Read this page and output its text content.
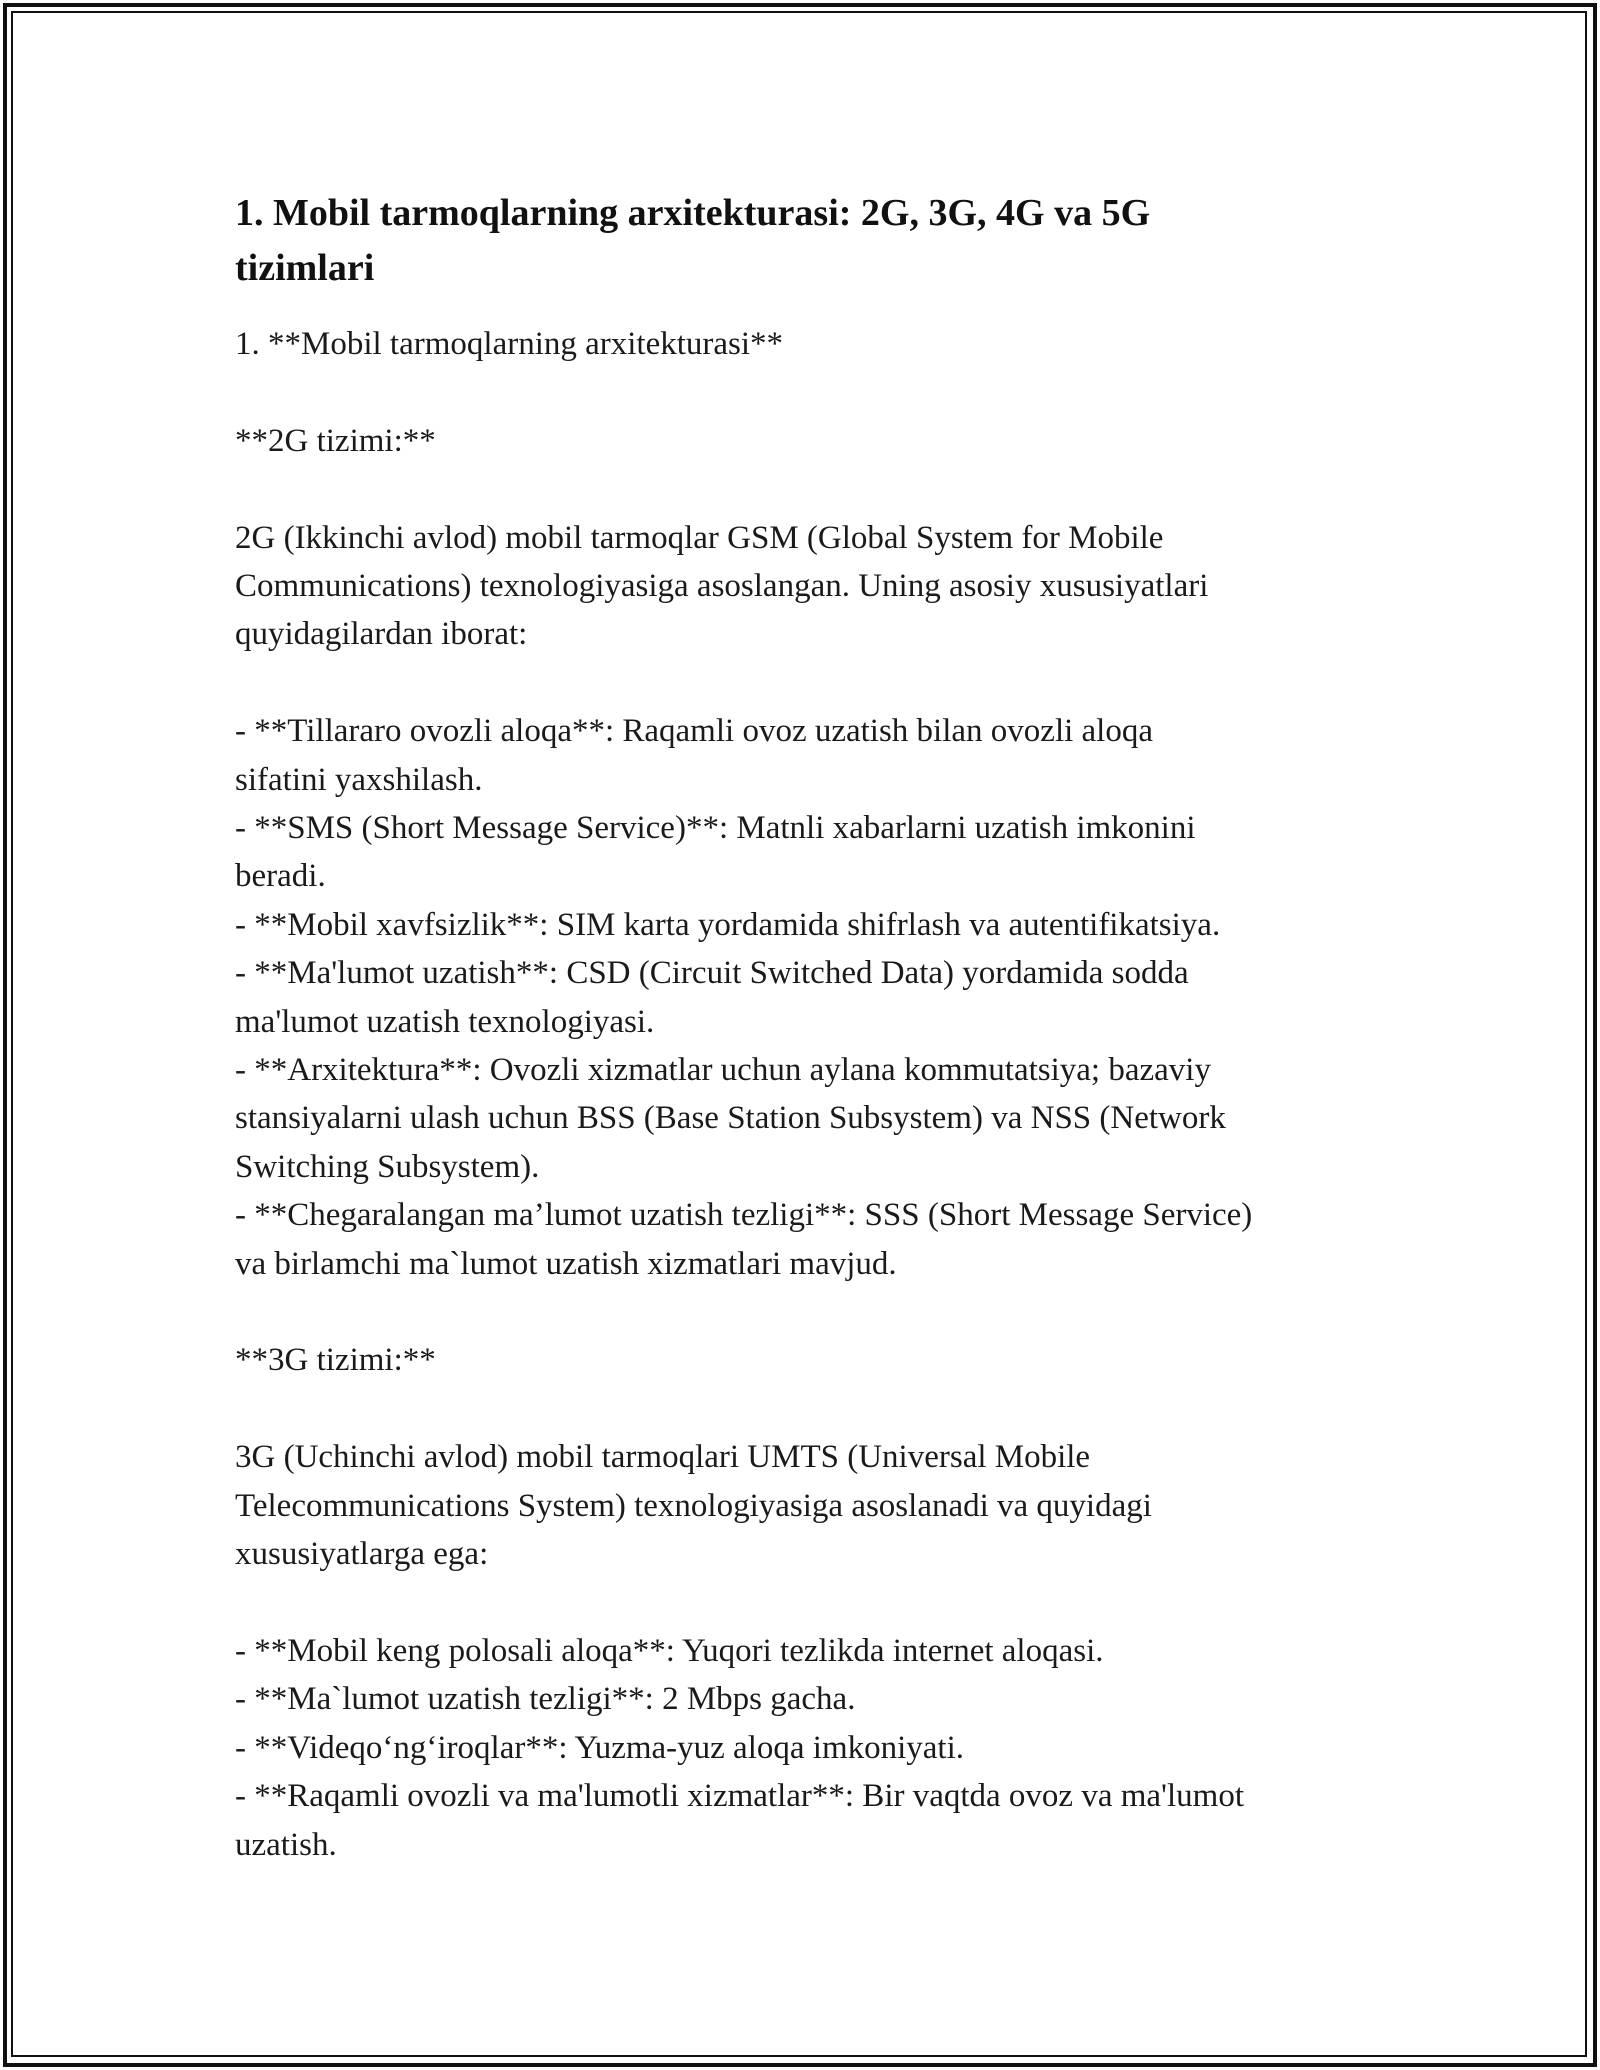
1. Mobil tarmoqlarning arxitekturasi: 2G, 3G, 4G va 5G
tizimlari
1. **Mobil tarmoqlarning arxitekturasi**
**2G tizimi:**
2G (Ikkinchi avlod) mobil tarmoqlar GSM (Global System for Mobile
Communications) texnologiyasiga asoslangan. Uning asosiy xususiyatlari
quyidagilardan iborat:
- **Tillararo ovozli aloqa**: Raqamli ovoz uzatish bilan ovozli aloqa
sifatini yaxshilash.
- **SMS (Short Message Service)**: Matnli xabarlarni uzatish imkonini
beradi.
- **Mobil xavfsizlik**: SIM karta yordamida shifrlash va autentifikatsiya.
- **Ma'lumot uzatish**: CSD (Circuit Switched Data) yordamida sodda
ma'lumot uzatish texnologiyasi.
- **Arxitektura**: Ovozli xizmatlar uchun aylana kommutatsiya; bazaviy
stansiyalarni ulash uchun BSS (Base Station Subsystem) va NSS (Network
Switching Subsystem).
- **Chegaralangan ma’lumot uzatish tezligi**: SSS (Short Message Service)
va birlamchi ma`lumot uzatish xizmatlari mavjud.
**3G tizimi:**
3G (Uchinchi avlod) mobil tarmoqlari UMTS (Universal Mobile
Telecommunications System) texnologiyasiga asoslanadi va quyidagi
xususiyatlarga ega:
- **Mobil keng polosali aloqa**: Yuqori tezlikda internet aloqasi.
- **Ma`lumot uzatish tezligi**: 2 Mbps gacha.
- **Videqo‘ng‘iroqlar**: Yuzma-yuz aloqa imkoniyati.
- **Raqamli ovozli va ma'lumotli xizmatlar**: Bir vaqtda ovoz va ma'lumot
uzatish.
